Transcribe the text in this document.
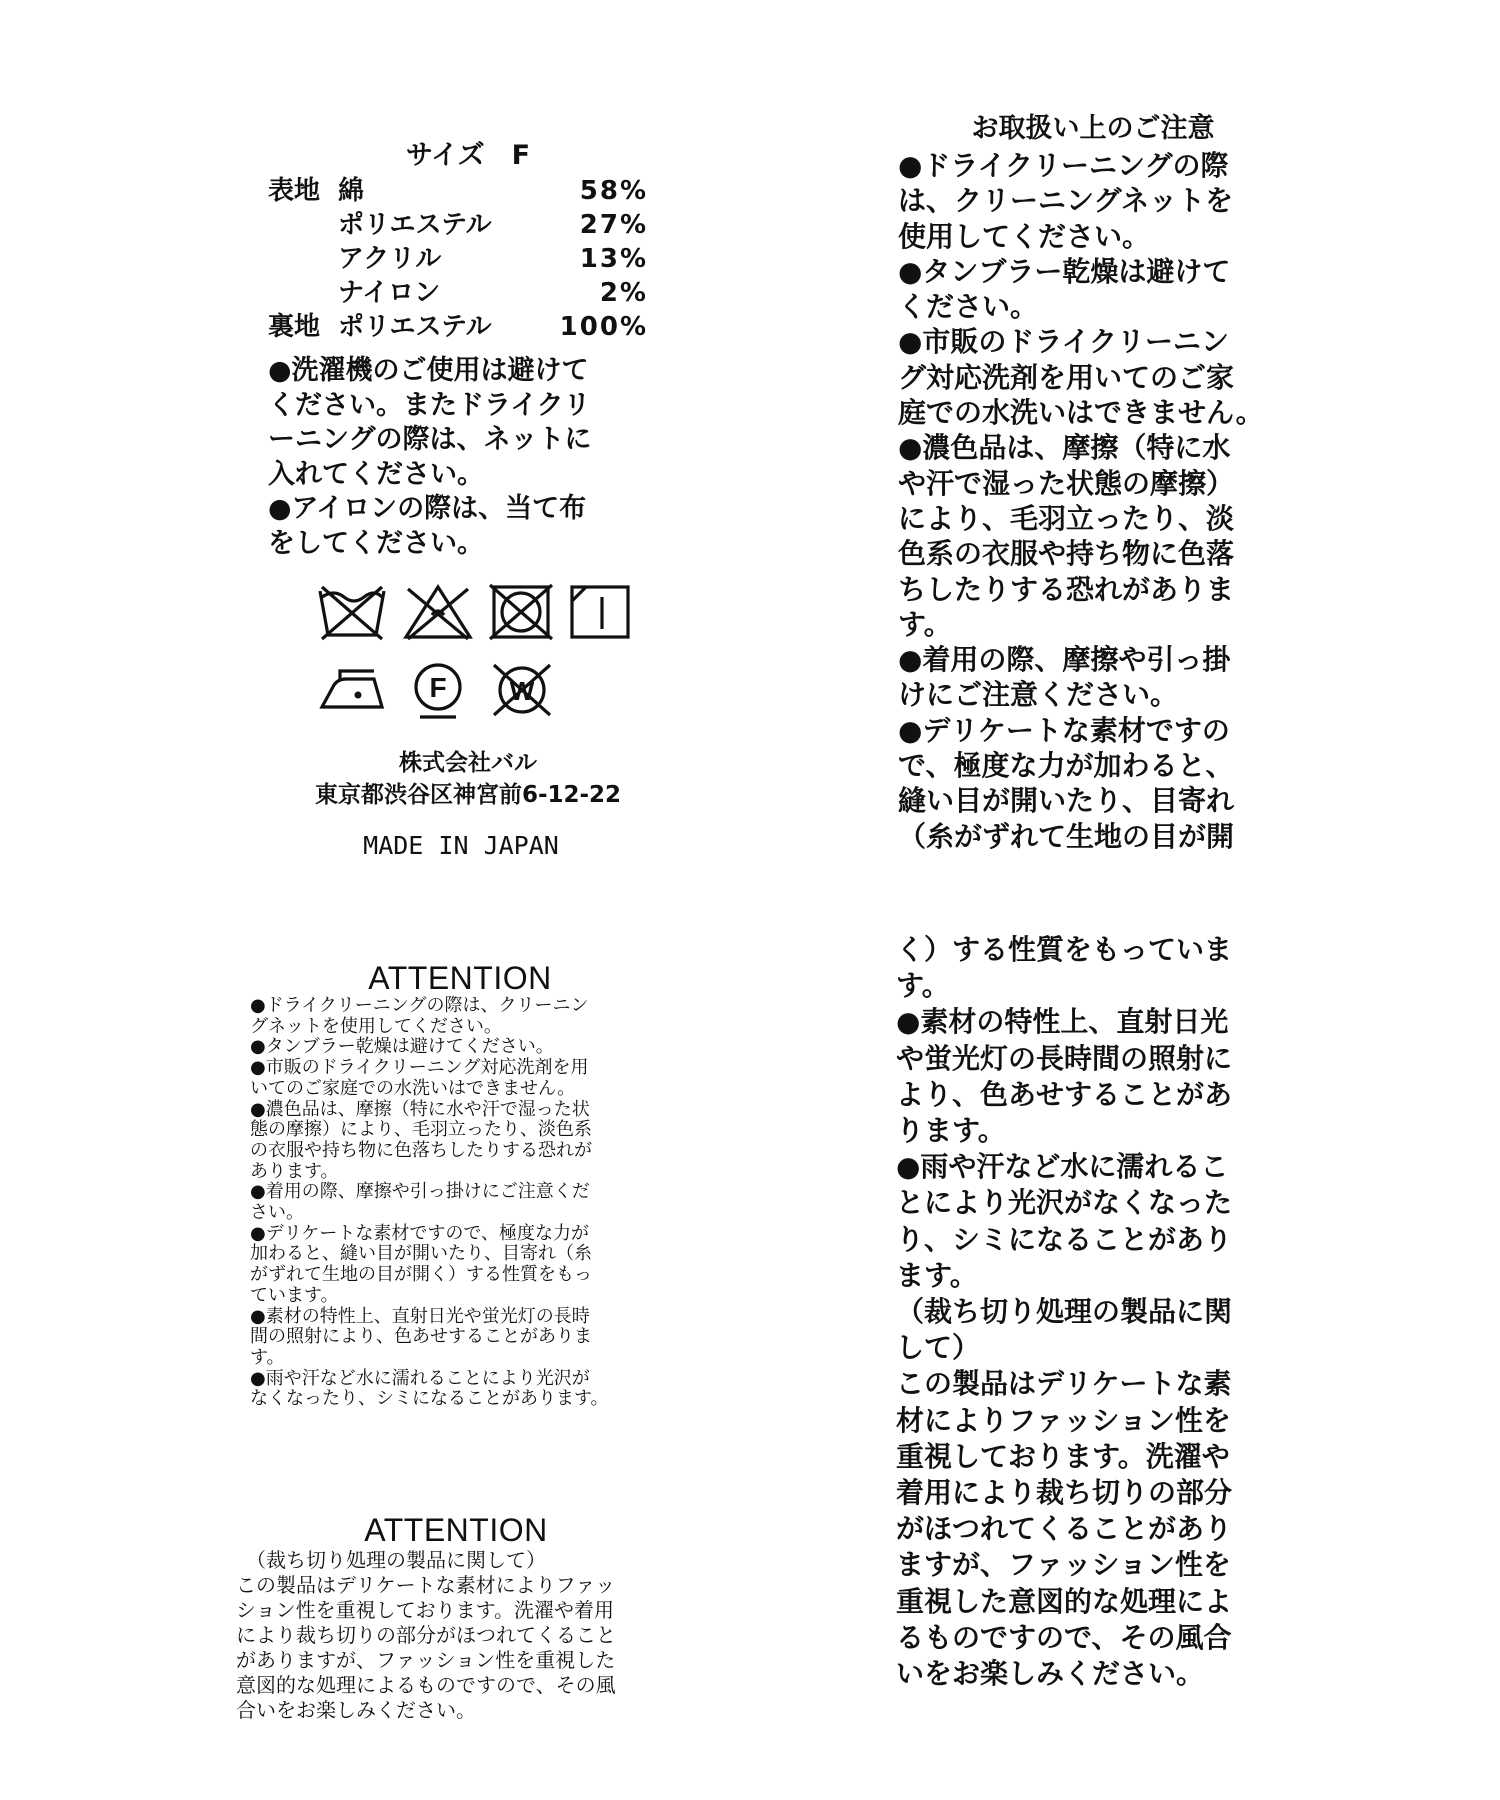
サイズ　F
表地 綿	58%
ポリエステル	27%
アクリル	13%
ナイロン	2%
裏地 ポリエステル	100%
●洗濯機のご使用は避けて
ください。またドライクリ
ーニングの際は、ネットに
入れてください。
●アイロンの際は、当て布
をしてください。
F W
株式会社バル
東京都渋谷区神宮前6-12-22
MADE IN JAPAN
お取扱い上のご注意
●ドライクリーニングの際
は、クリーニングネットを
使用してください。
●タンブラー乾燥は避けて
ください。
●市販のドライクリーニン
グ対応洗剤を用いてのご家
庭での水洗いはできません。
●濃色品は、摩擦（特に水
や汗で湿った状態の摩擦）
により、毛羽立ったり、淡
色系の衣服や持ち物に色落
ちしたりする恐れがありま
す。
●着用の際、摩擦や引っ掛
けにご注意ください。
●デリケートな素材ですの
で、極度な力が加わると、
縫い目が開いたり、目寄れ
（糸がずれて生地の目が開
く）する性質をもっていま
す。
●素材の特性上、直射日光
や蛍光灯の長時間の照射に
より、色あせすることがあ
ります。
●雨や汗など水に濡れるこ
とにより光沢がなくなった
り、シミになることがあり
ます。
（裁ち切り処理の製品に関
して）
この製品はデリケートな素
材によりファッション性を
重視しております。洗濯や
着用により裁ち切りの部分
がほつれてくることがあり
ますが、ファッション性を
重視した意図的な処理によ
るものですので、その風合
いをお楽しみください。
ATTENTION
●ドライクリーニングの際は、クリーニン
グネットを使用してください。
●タンブラー乾燥は避けてください。
●市販のドライクリーニング対応洗剤を用
いてのご家庭での水洗いはできません。
●濃色品は、摩擦（特に水や汗で湿った状
態の摩擦）により、毛羽立ったり、淡色系
の衣服や持ち物に色落ちしたりする恐れが
あります。
●着用の際、摩擦や引っ掛けにご注意くだ
さい。
●デリケートな素材ですので、極度な力が
加わると、縫い目が開いたり、目寄れ（糸
がずれて生地の目が開く）する性質をもっ
ています。
●素材の特性上、直射日光や蛍光灯の長時
間の照射により、色あせすることがありま
す。
●雨や汗など水に濡れることにより光沢が
なくなったり、シミになることがあります。
ATTENTION
（裁ち切り処理の製品に関して）
この製品はデリケートな素材によりファッ
ション性を重視しております。洗濯や着用
により裁ち切りの部分がほつれてくること
がありますが、ファッション性を重視した
意図的な処理によるものですので、その風
合いをお楽しみください。
